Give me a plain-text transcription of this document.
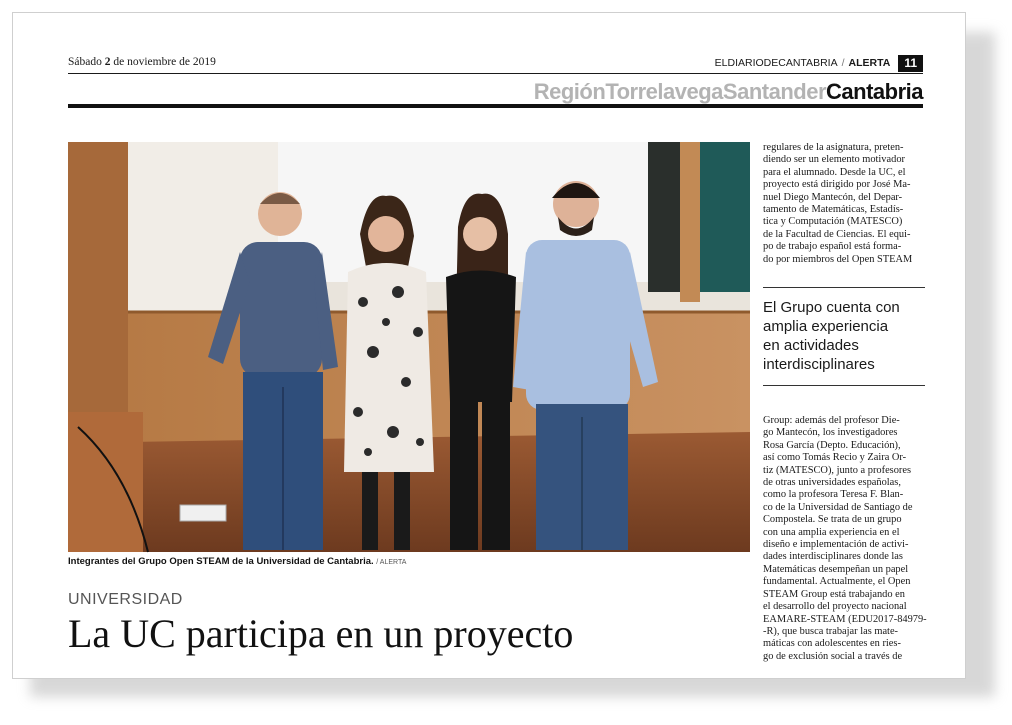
Sábado 2 de noviembre de 2019	ELDIARIODECANTABRIA / ALERTA	11
Región Torrelavega Santander Cantabria
Integrantes del Grupo Open STEAM de la Universidad de Cantabria. / ALERTA
UNIVERSIDAD
La UC participa en un proyecto
regulares de la asignatura, preten-
diendo ser un elemento motivador
para el alumnado. Desde la UC, el
proyecto está dirigido por José Ma-
nuel Diego Mantecón, del Depar-
tamento de Matemáticas, Estadís-
tica y Computación (MATESCO)
de la Facultad de Ciencias. El equi-
po de trabajo español está forma-
do por miembros del Open STEAM
El Grupo cuenta con
amplia experiencia
en actividades
interdisciplinares
Group: además del profesor Die-
go Mantecón, los investigadores
Rosa García (Depto. Educación),
así como Tomás Recio y Zaira Or-
tiz (MATESCO), junto a profesores
de otras universidades españolas,
como la profesora Teresa F. Blan-
co de la Universidad de Santiago de
Compostela. Se trata de un grupo
con una amplia experiencia en el
diseño e implementación de activi-
dades interdisciplinares donde las
Matemáticas desempeñan un papel
fundamental. Actualmente, el Open
STEAM Group está trabajando en
el desarrollo del proyecto nacional
EAMARE-STEAM (EDU2017-84979-
-R), que busca trabajar las mate-
máticas con adolescentes en ries-
go de exclusión social a través de
